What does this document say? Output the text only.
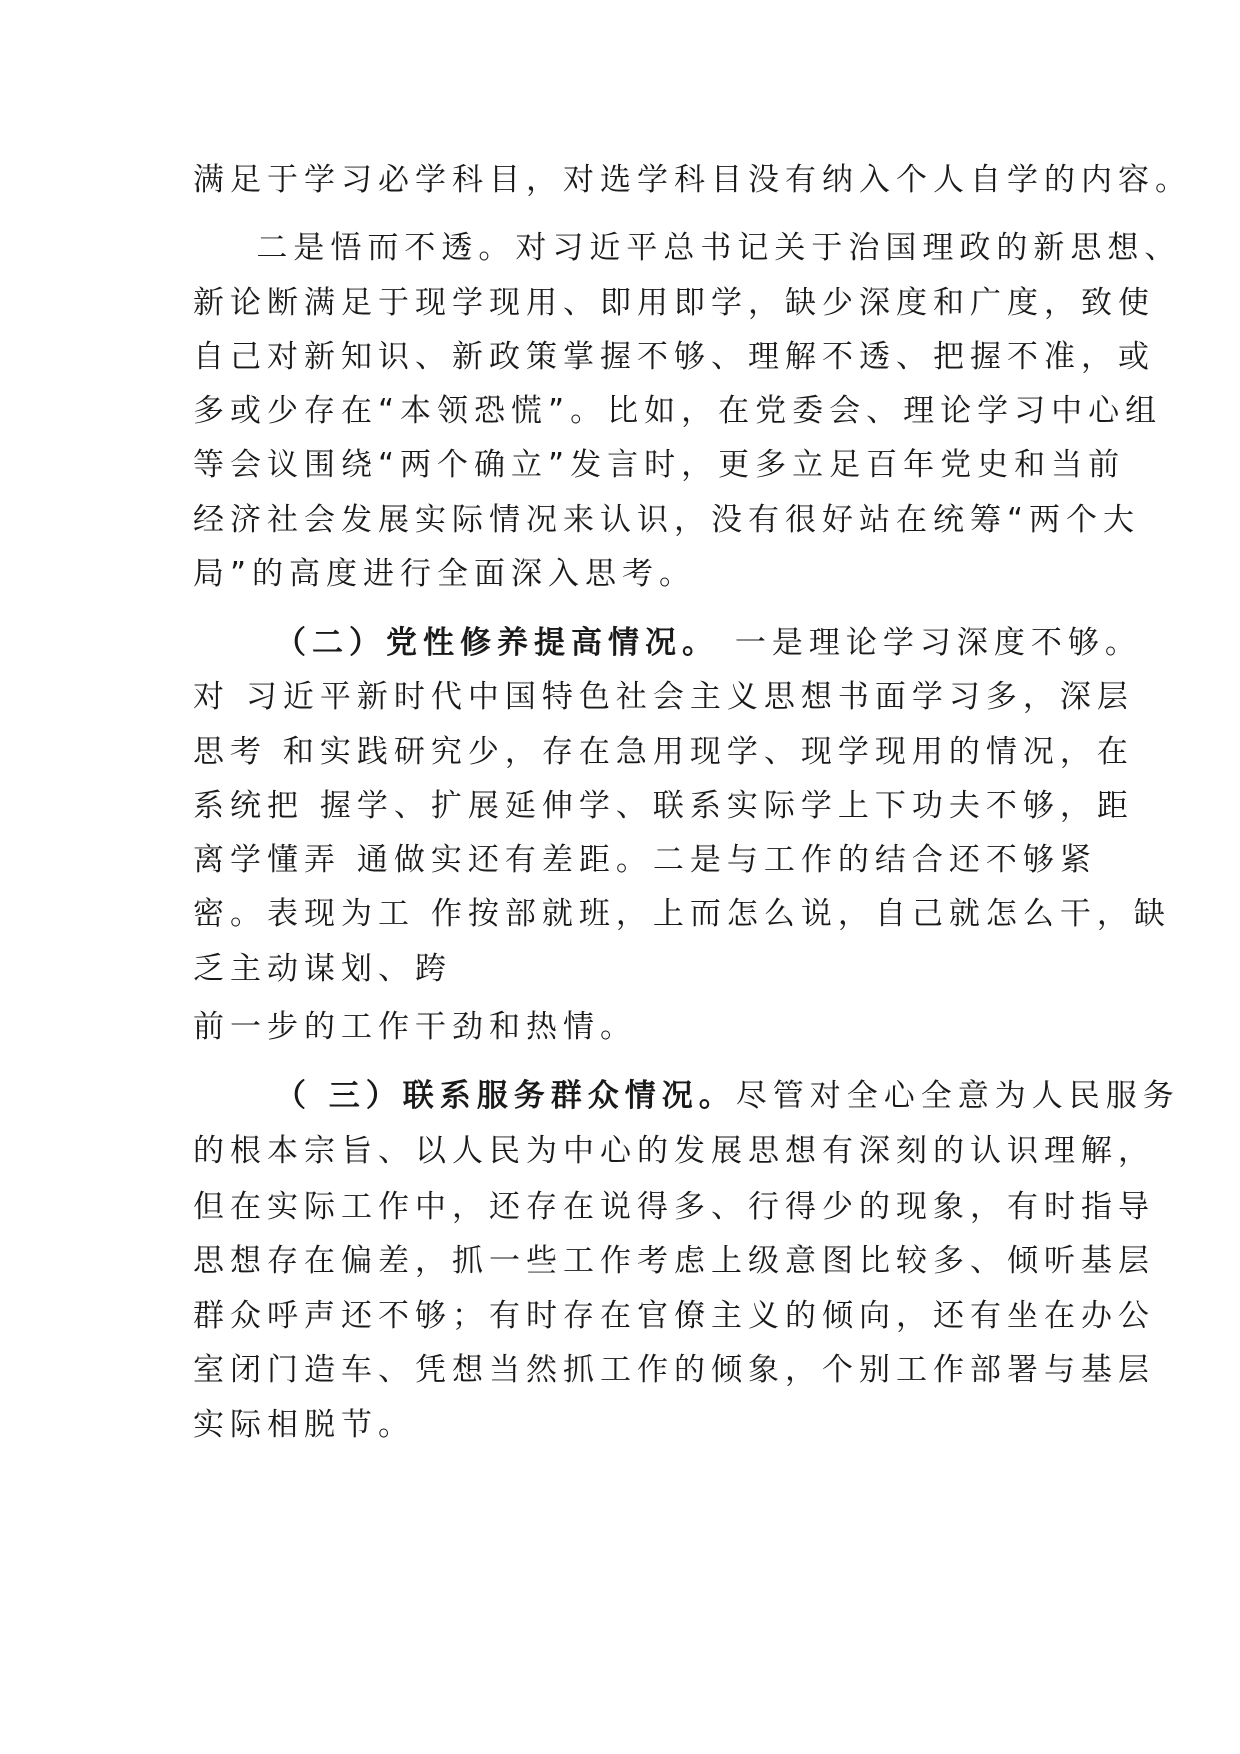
满足于学习必学科目，对选学科目没有纳入个人自学的内容。
二是悟而不透。对习近平总书记关于治国理政的新思想、
新论断满足于现学现用、即用即学，缺少深度和广度，致使
自己对新知识、新政策掌握不够、理解不透、把握不准，或
多或少存在“本领恐慌”。比如，在党委会、理论学习中心组
等会议围绕“两个确立”发言时，更多立足百年党史和当前
经济社会发展实际情况来认识，没有很好站在统筹“两个大
局”的高度进行全面深入思考。
（二）党性修养提高情况。 一是理论学习深度不够。
对 习近平新时代中国特色社会主义思想书面学习多，深层
思考 和实践研究少，存在急用现学、现学现用的情况，在
系统把 握学、扩展延伸学、联系实际学上下功夫不够，距
离学懂弄 通做实还有差距。二是与工作的结合还不够紧
密。表现为工 作按部就班，上而怎么说，自己就怎么干，缺
乏主动谋划、跨
前一步的工作干劲和热情。
（ 三）联系服务群众情况。尽管对全心全意为人民服务
的根本宗旨、以人民为中心的发展思想有深刻的认识理解，
但在实际工作中，还存在说得多、行得少的现象，有时指导
思想存在偏差，抓一些工作考虑上级意图比较多、倾听基层
群众呼声还不够；有时存在官僚主义的倾向，还有坐在办公
室闭门造车、凭想当然抓工作的倾象，个别工作部署与基层
实际相脱节。
